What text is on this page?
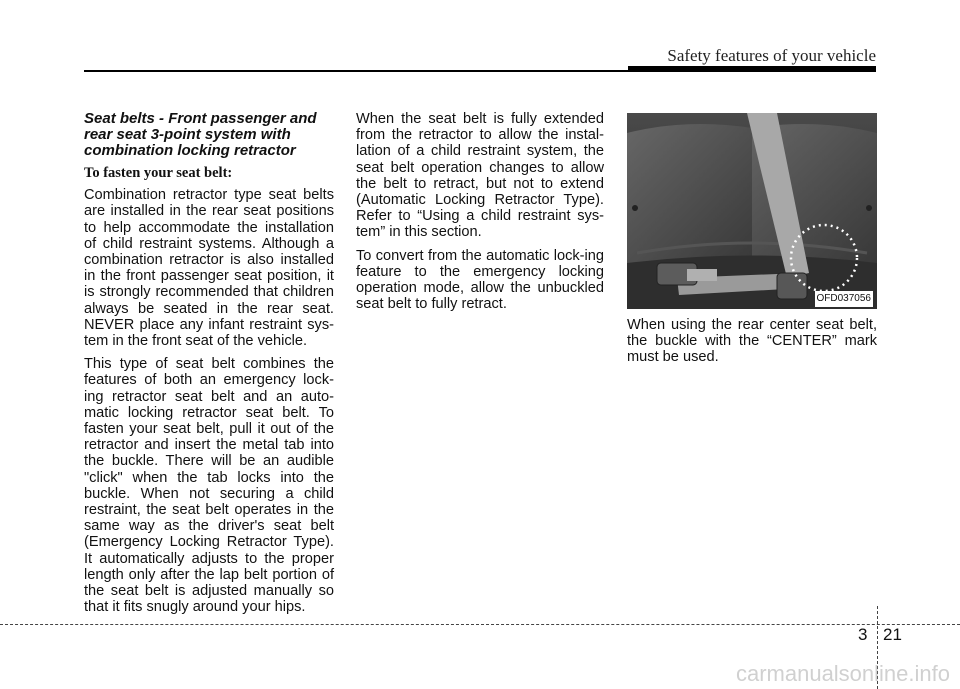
Safety features of your vehicle
Seat belts - Front passenger and rear seat 3-point system with combination locking retractor
To fasten your seat belt:

Combination retractor type seat belts are installed in the rear seat positions to help accommodate the installation of child restraint systems. Although a combination retractor is also installed in the front passenger seat position, it is strongly recommended that children always be seated in the rear seat. NEVER place any infant restraint sys-tem in the front seat of the vehicle.

This type of seat belt combines the features of both an emergency lock-ing retractor seat belt and an auto-matic locking retractor seat belt. To fasten your seat belt, pull it out of the retractor and insert the metal tab into the buckle. There will be an audible "click" when the tab locks into the buckle. When not securing a child restraint, the seat belt operates in the same way as the driver's seat belt (Emergency Locking Retractor Type). It automatically adjusts to the proper length only after the lap belt portion of the seat belt is adjusted manually so that it fits snugly around your hips.

When the seat belt is fully extended from the retractor to allow the instal-lation of a child restraint system, the seat belt operation changes to allow the belt to retract, but not to extend (Automatic Locking Retractor Type). Refer to “Using a child restraint sys-tem” in this section.

To convert from the automatic lock-ing feature to the emergency locking operation mode, allow the unbuckled seat belt to fully retract.	OFD037056

When using the rear center seat belt, the buckle with the “CENTER” mark must be used.

3 21
carmanualsonline.info
